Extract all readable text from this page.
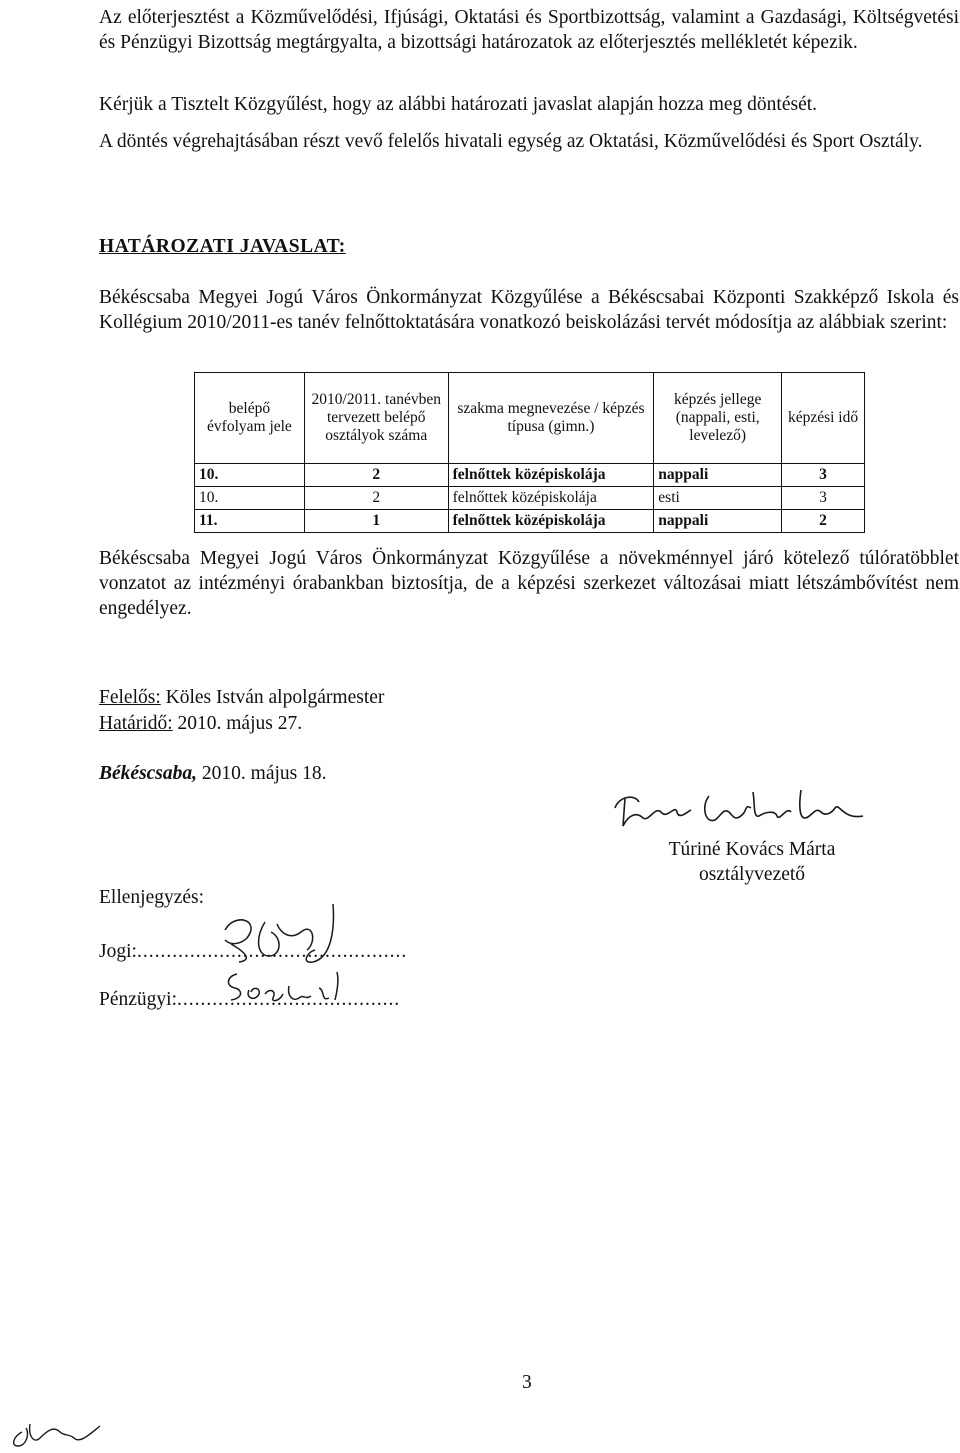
Az előterjesztést a Közművelődési, Ifjúsági, Oktatási és Sportbizottság, valamint a Gazdasági, Költségvetési és Pénzügyi Bizottság megtárgyalta, a bizottsági határozatok az előterjesztés mellékletét képezik.
Kérjük a Tisztelt Közgyűlést, hogy az alábbi határozati javaslat alapján hozza meg döntését.
A döntés végrehajtásában részt vevő felelős hivatali egység az Oktatási, Közművelődési és Sport Osztály.
HATÁROZATI JAVASLAT:
Békéscsaba Megyei Jogú Város Önkormányzat Közgyűlése a Békéscsabai Központi Szakképző Iskola és Kollégium 2010/2011-es tanév felnőttoktatására vonatkozó beiskolázási tervét módosítja az alábbiak szerint:
belépő évfolyam jele	2010/2011. tanévben tervezett belépő osztályok száma	szakma megnevezése / képzés típusa (gimn.)	képzés jellege (nappali, esti, levelező)	képzési idő
10.	2	felnőttek középiskolája	nappali	3
10.	2	felnőttek középiskolája	esti	3
11.	1	felnőttek középiskolája	nappali	2
Békéscsaba Megyei Jogú Város Önkormányzat Közgyűlése a növekménnyel járó kötelező túlóratöbblet vonzatot az intézményi órabankban biztosítja, de a képzési szerkezet változásai miatt létszámbővítést nem engedélyez.
Felelős: Köles István alpolgármester
Határidő: 2010. május 27.
Békéscsaba, 2010. május 18.
Túriné Kovács Márta
osztályvezető
Ellenjegyzés:
Jogi:..............................................
Pénzügyi:......................................
3
